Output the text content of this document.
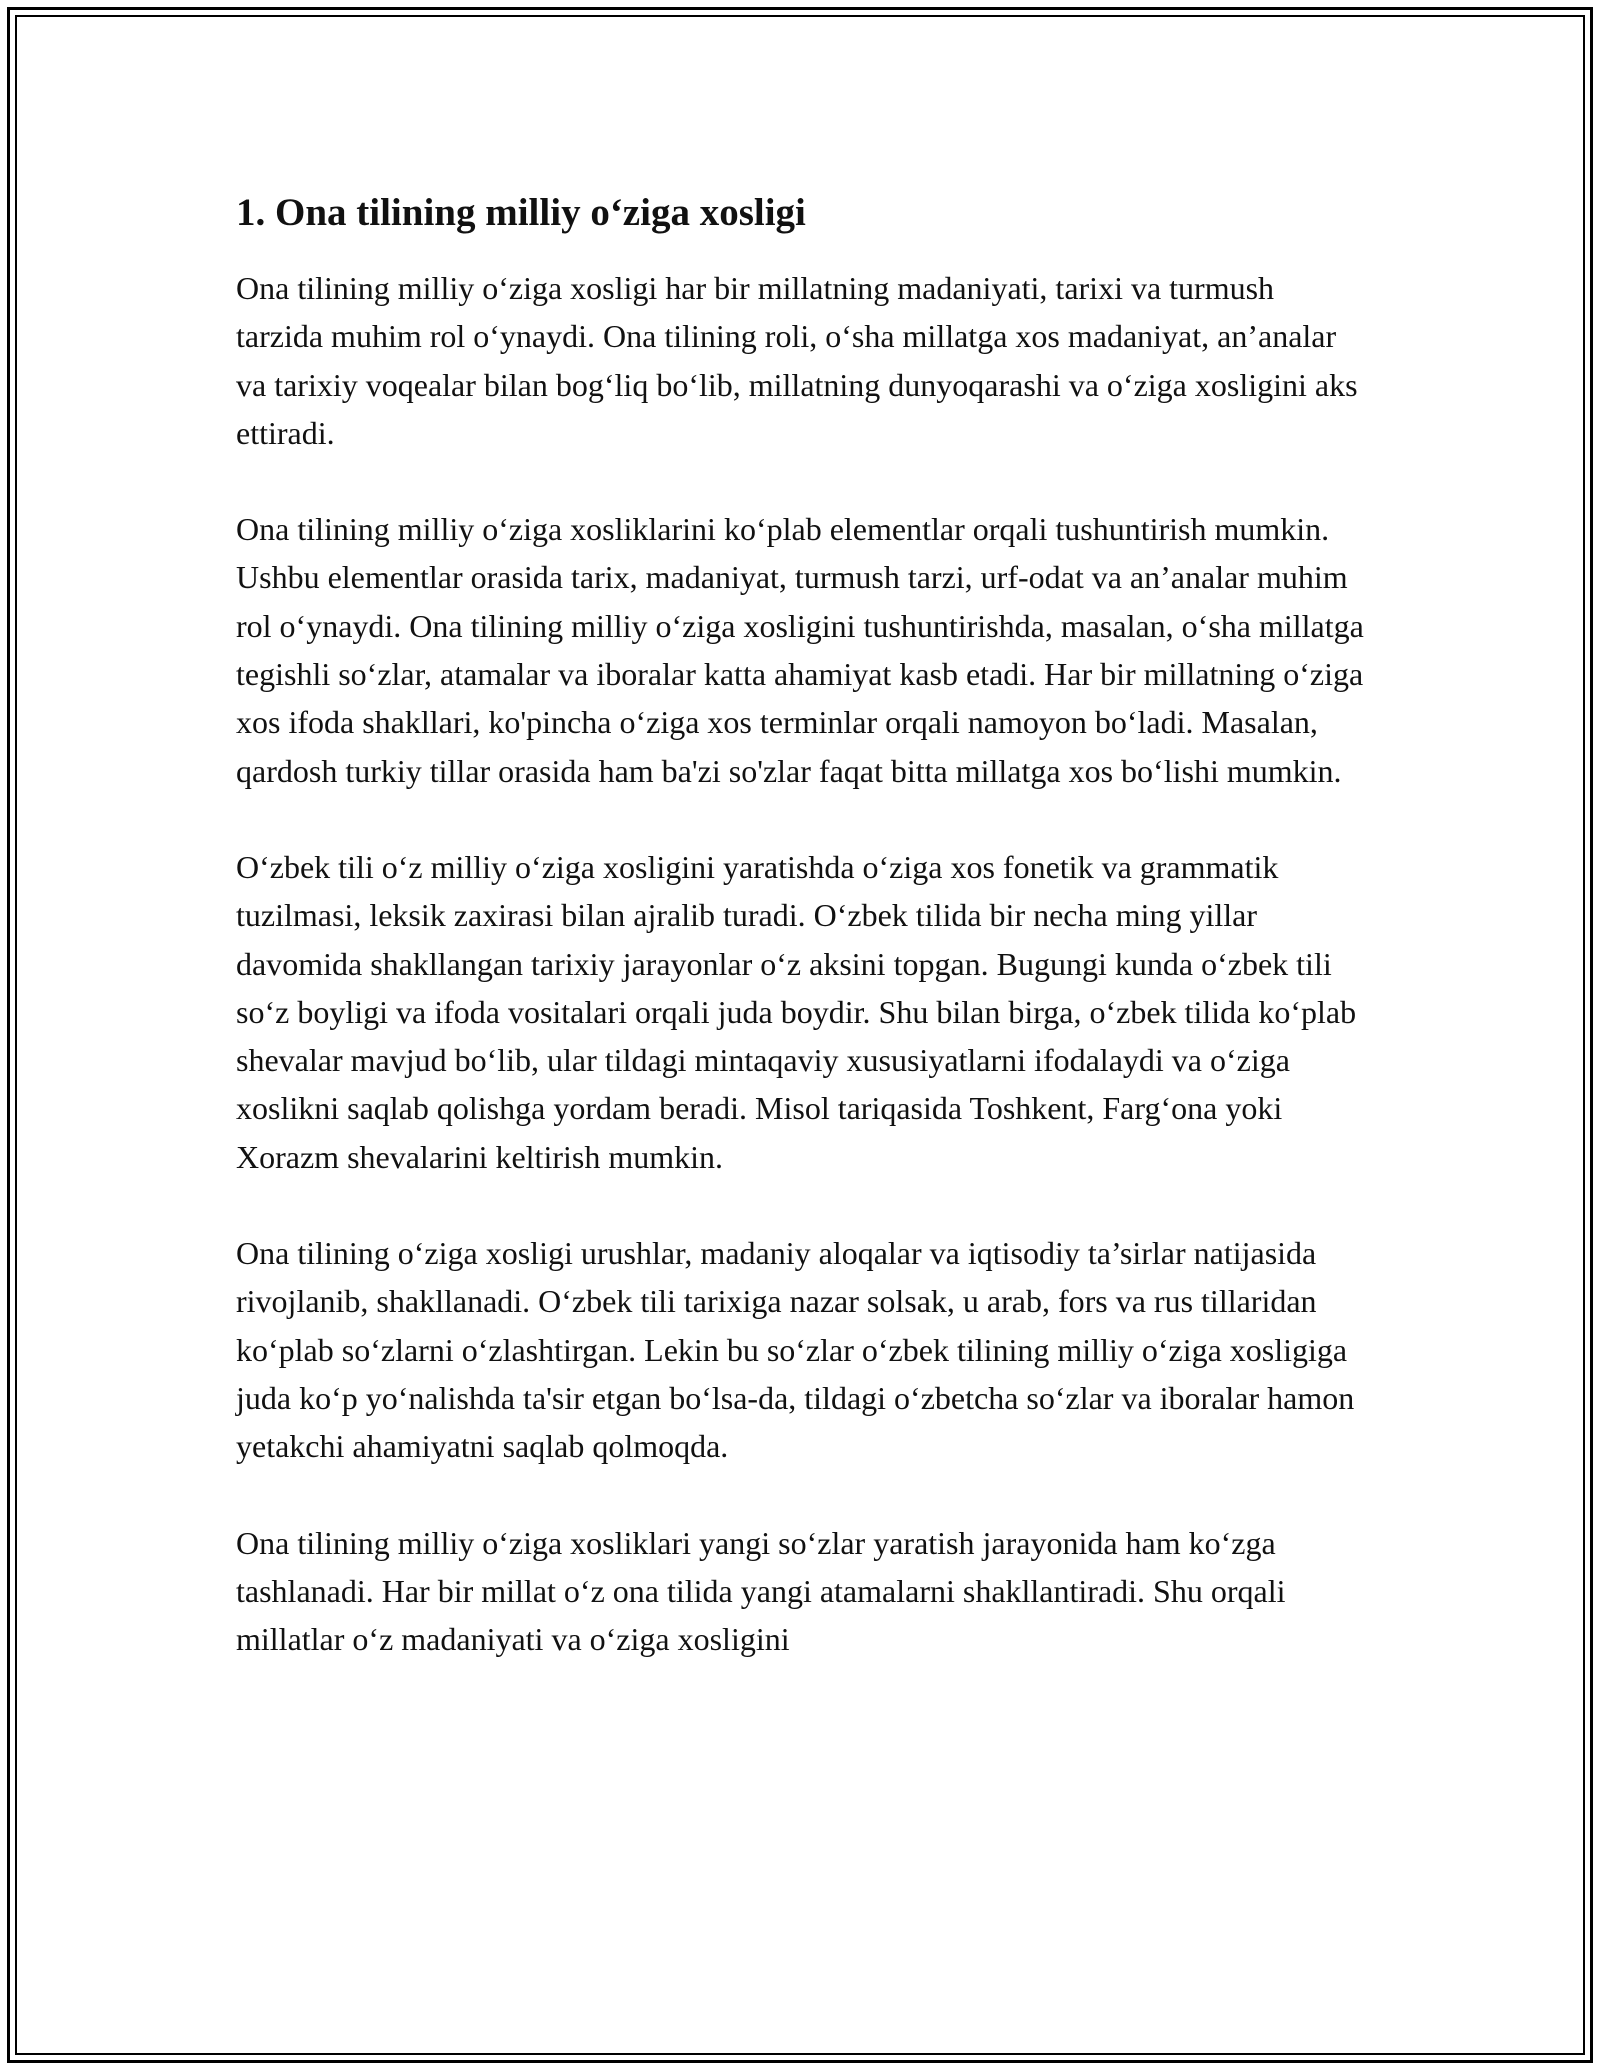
1. Ona tilining milliy o‘ziga xosligi

Ona tilining milliy o‘ziga xosligi har bir millatning madaniyati, tarixi va turmush tarzida muhim rol o‘ynaydi. Ona tilining roli, o‘sha millatga xos madaniyat, an’analar va tarixiy voqealar bilan bog‘liq bo‘lib, millatning dunyoqarashi va o‘ziga xosligini aks ettiradi.

Ona tilining milliy o‘ziga xosliklarini ko‘plab elementlar orqali tushuntirish mumkin. Ushbu elementlar orasida tarix, madaniyat, turmush tarzi, urf-odat va an’analar muhim rol o‘ynaydi. Ona tilining milliy o‘ziga xosligini tushuntirishda, masalan, o‘sha millatga tegishli so‘zlar, atamalar va iboralar katta ahamiyat kasb etadi. Har bir millatning o‘ziga xos ifoda shakllari, ko'pincha o‘ziga xos terminlar orqali namoyon bo‘ladi. Masalan, qardosh turkiy tillar orasida ham ba'zi so'zlar faqat bitta millatga xos bo‘lishi mumkin.

O‘zbek tili o‘z milliy o‘ziga xosligini yaratishda o‘ziga xos fonetik va grammatik tuzilmasi, leksik zaxirasi bilan ajralib turadi. O‘zbek tilida bir necha ming yillar davomida shakllangan tarixiy jarayonlar o‘z aksini topgan. Bugungi kunda o‘zbek tili so‘z boyligi va ifoda vositalari orqali juda boydir. Shu bilan birga, o‘zbek tilida ko‘plab shevalar mavjud bo‘lib, ular tildagi mintaqaviy xususiyatlarni ifodalaydi va o‘ziga xoslikni saqlab qolishga yordam beradi. Misol tariqasida Toshkent, Farg‘ona yoki Xorazm shevalarini keltirish mumkin.

Ona tilining o‘ziga xosligi urushlar, madaniy aloqalar va iqtisodiy ta’sirlar natijasida rivojlanib, shakllanadi. O‘zbek tili tarixiga nazar solsak, u arab, fors va rus tillaridan ko‘plab so‘zlarni o‘zlashtirgan. Lekin bu so‘zlar o‘zbek tilining milliy o‘ziga xosligiga juda ko‘p yo‘nalishda ta'sir etgan bo‘lsa-da, tildagi o‘zbetcha so‘zlar va iboralar hamon yetakchi ahamiyatni saqlab qolmoqda.

Ona tilining milliy o‘ziga xosliklari yangi so‘zlar yaratish jarayonida ham ko‘zga tashlanadi. Har bir millat o‘z ona tilida yangi atamalarni shakllantiradi. Shu orqali millatlar o‘z madaniyati va o‘ziga xosligini
